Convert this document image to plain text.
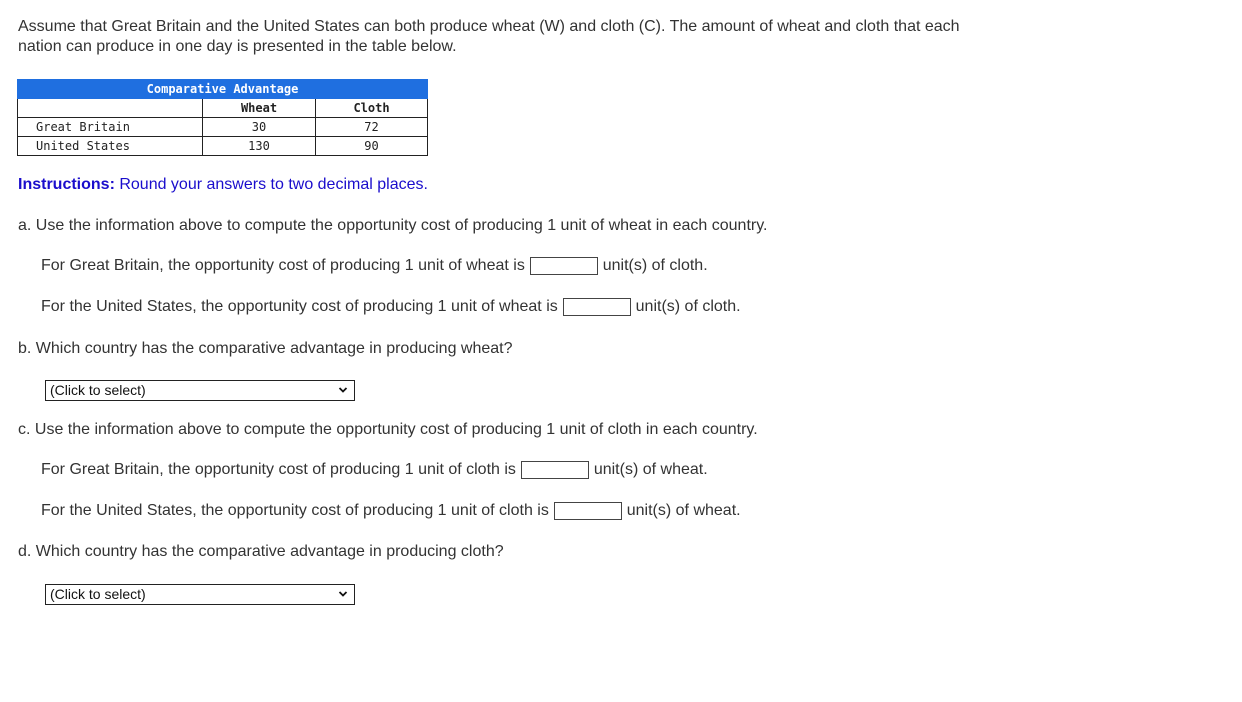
Assume that Great Britain and the United States can both produce wheat (W) and cloth (C). The amount of wheat and cloth that each
nation can produce in one day is presented in the table below.
Comparative Advantage		
	Wheat	Cloth
Great Britain	30	72
United States	130	90
Instructions: Round your answers to two decimal places.
a. Use the information above to compute the opportunity cost of producing 1 unit of wheat in each country.
For Great Britain, the opportunity cost of producing 1 unit of wheat is	unit(s) of cloth.
For the United States, the opportunity cost of producing 1 unit of wheat is	unit(s) of cloth.
b. Which country has the comparative advantage in producing wheat?
(Click to select)
c. Use the information above to compute the opportunity cost of producing 1 unit of cloth in each country.
For Great Britain, the opportunity cost of producing 1 unit of cloth is	unit(s) of wheat.
For the United States, the opportunity cost of producing 1 unit of cloth is	unit(s) of wheat.
d. Which country has the comparative advantage in producing cloth?
(Click to select)
